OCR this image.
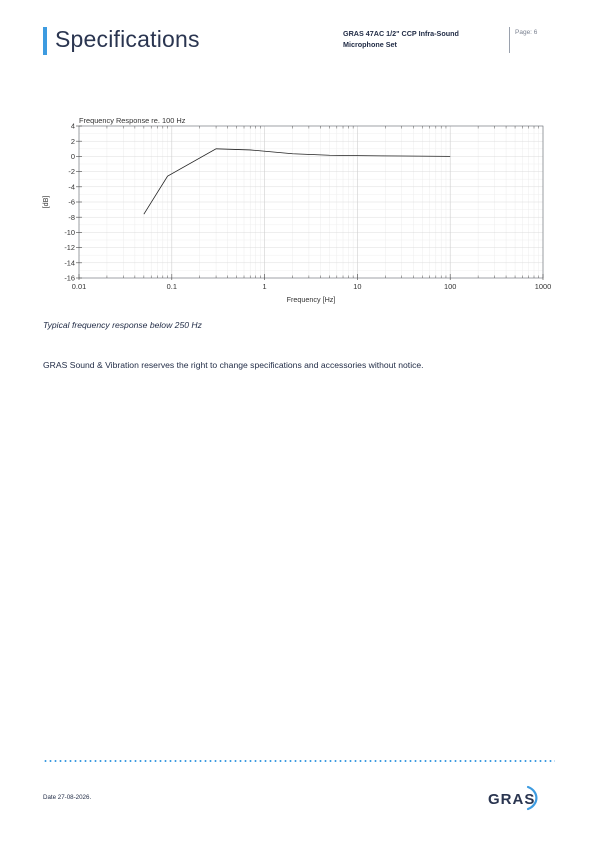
Specifications	GRAS 47AC 1/2" CCP Infra-Sound Microphone Set
Page: 6
0.01	0.1	1	10	100	1000
4
2
0
-2
-4
-6
-8
-10
-12
-14
-16
Frequency Response re. 100 Hz
Frequency [Hz]
[dB]
Typical frequency response below 250 Hz
GRAS Sound & Vibration reserves the right to change specifications and accessories without notice.
Date 27-08-2026.	GRAS
